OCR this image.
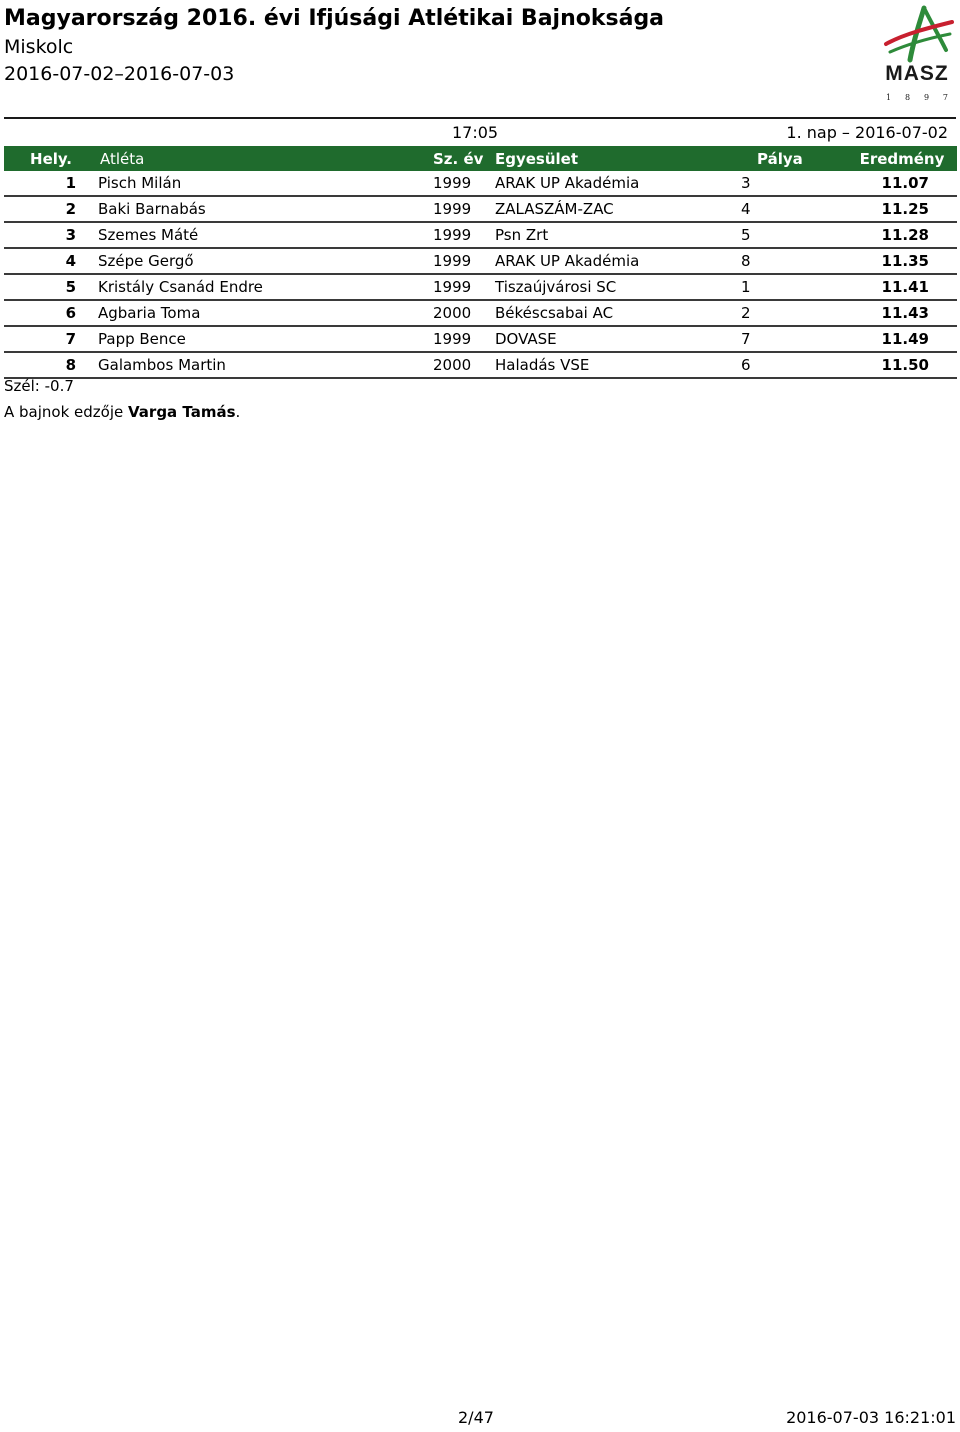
Magyarország 2016. évi Ifjúsági Atlétikai Bajnoksága
Miskolc
2016-07-02–2016-07-03	MASZ
1 8 9 7
17:05	1. nap – 2016-07-02
Hely.	Atléta	Sz. év	Egyesület	Pálya	Eredmény
1	Pisch Milán	1999	ARAK UP Akadémia	3	11.07
2	Baki Barnabás	1999	ZALASZÁM-ZAC	4	11.25
3	Szemes Máté	1999	Psn Zrt	5	11.28
4	Szépe Gergő	1999	ARAK UP Akadémia	8	11.35
5	Kristály Csanád Endre	1999	Tiszaújvárosi SC	1	11.41
6	Agbaria Toma	2000	Békéscsabai AC	2	11.43
7	Papp Bence	1999	DOVASE	7	11.49
8	Galambos Martin	2000	Haladás VSE	6	11.50
Szél: -0.7
A bajnok edzője Varga Tamás.
2/47	2016-07-03 16:21:01
